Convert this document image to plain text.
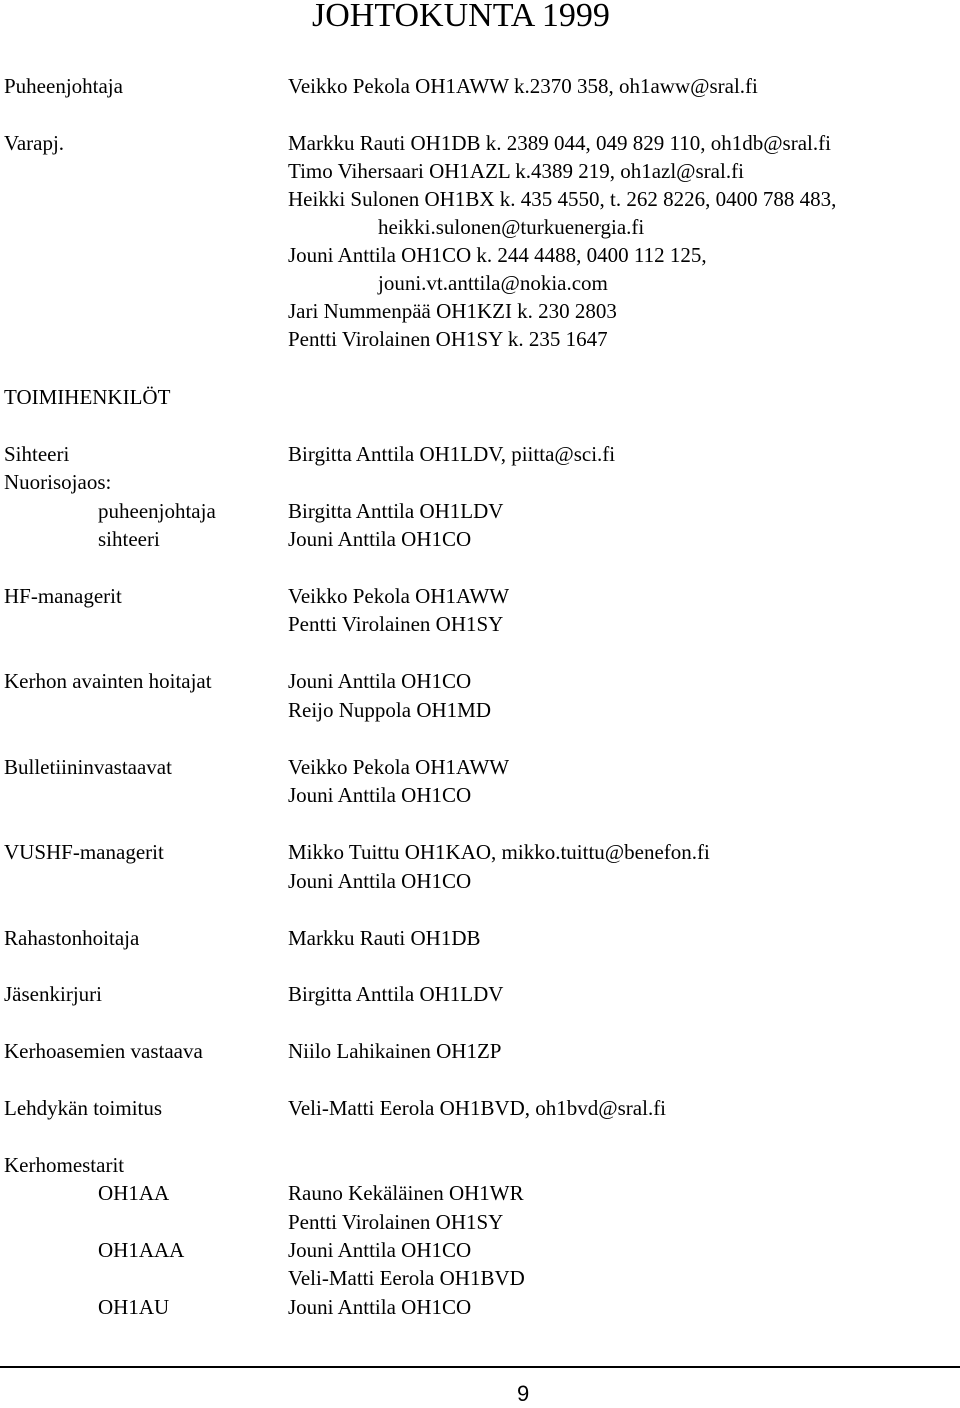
JOHTOKUNTA 1999
Puheenjohtaja	Veikko Pekola OH1AWW k.2370 358, oh1aww@sral.fi
Varapj.	Markku Rauti OH1DB k. 2389 044, 049 829 110, oh1db@sral.fi
Timo Vihersaari OH1AZL k.4389 219, oh1azl@sral.fi
Heikki Sulonen OH1BX k. 435 4550, t. 262 8226, 0400 788 483,
heikki.sulonen@turkuenergia.fi
Jouni Anttila OH1CO k. 244 4488, 0400 112 125,
jouni.vt.anttila@nokia.com
Jari Nummenpää OH1KZI k. 230 2803
Pentti Virolainen OH1SY k. 235 1647
TOIMIHENKILÖT
Sihteeri	Birgitta Anttila OH1LDV, piitta@sci.fi
Nuorisojaos:
puheenjohtaja	Birgitta Anttila OH1LDV
sihteeri	Jouni Anttila OH1CO
HF-managerit	Veikko Pekola OH1AWW
Pentti Virolainen OH1SY
Kerhon avainten hoitajat	Jouni Anttila OH1CO
Reijo Nuppola OH1MD
Bulletiininvastaavat	Veikko Pekola OH1AWW
Jouni Anttila OH1CO
VUSHF-managerit	Mikko Tuittu OH1KAO, mikko.tuittu@benefon.fi
Jouni Anttila OH1CO
Rahastonhoitaja	Markku Rauti OH1DB
Jäsenkirjuri	Birgitta Anttila OH1LDV
Kerhoasemien vastaava	Niilo Lahikainen OH1ZP
Lehdykän toimitus	Veli-Matti Eerola OH1BVD, oh1bvd@sral.fi
Kerhomestarit
OH1AA	Rauno Kekäläinen OH1WR
Pentti Virolainen OH1SY
OH1AAA	Jouni Anttila OH1CO
Veli-Matti Eerola OH1BVD
OH1AU	Jouni Anttila OH1CO
9
